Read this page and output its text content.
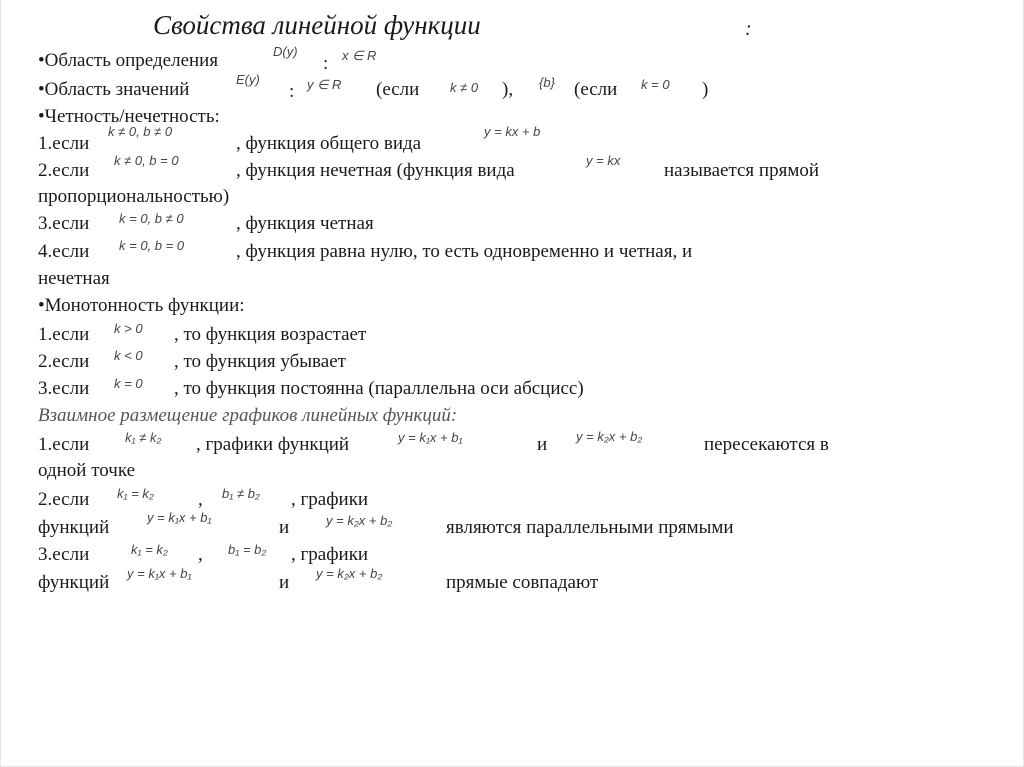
Свойства линейной функции	:
•Область определения	D(y)
: x ∈ R
•Область значений	E(y)
: y ∈ R (если k ≠ 0 ), {b} (если k = 0 )
•Четность/нечетность:
1.если
k ≠ 0, b ≠ 0
, функция общего вида
y = kx + b
2.если k ≠ 0, b = 0	, функция нечетная (функция вида	y = kx называется прямой
пропорциональностью)
3.если k = 0, b ≠ 0	, функция четная
4.если k = 0, b = 0	, функция равна нулю, то есть одновременно и четная, и
нечетная
•Монотонность функции:
1.если k > 0 , то функция возрастает
2.если k < 0 , то функция убывает
3.если k = 0 , то функция постоянна (параллельна оси абсцисс)
Взаимное размещение графиков линейных функций:
1.если	k₁ ≠ k₂ , графики функций	y = k₁x + b₁	и y = k₂x + b₂	пересекаются в
одной точке
2.если k₁ = k₂ , b₁ ≠ b₂ , графики
функций	y = k₁x + b₁	и	y = k₂x + b₂	являются параллельными прямыми
3.если	k₁ = k₂ , b₁ = b₂ , графики
функций y = k₁x + b₁	и y = k₂x + b₂	прямые совпадают
